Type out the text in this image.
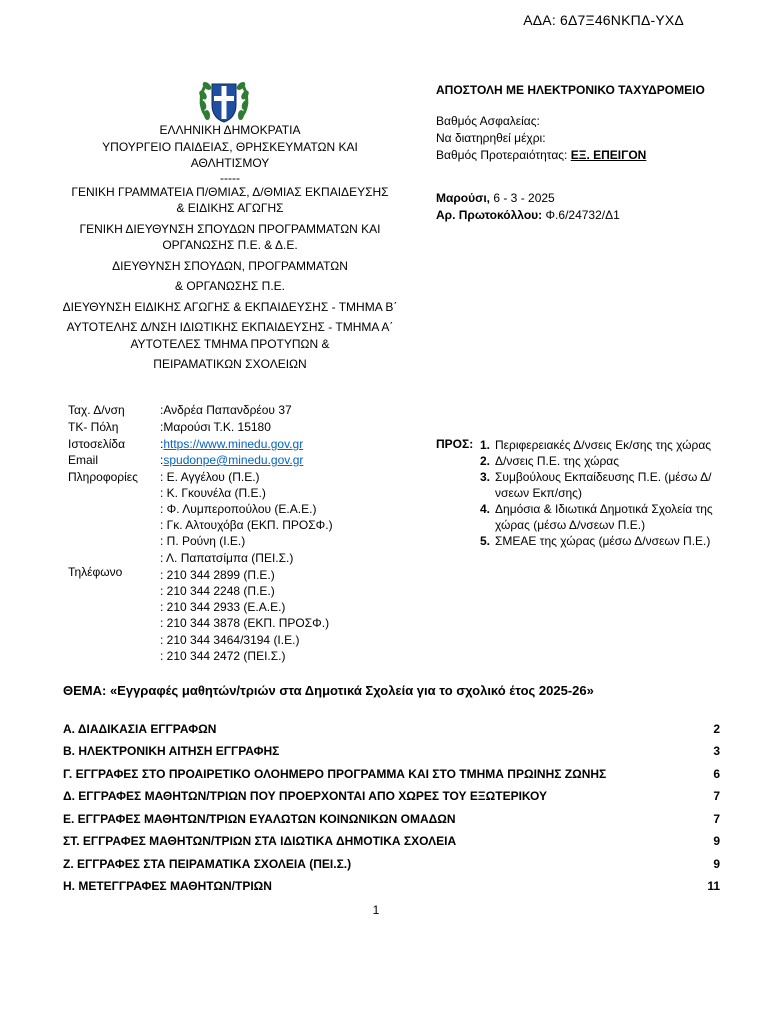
ΑΔΑ: 6Δ7Ξ46ΝΚΠΔ-ΥΧΔ
ΕΛΛΗΝΙΚΗ ΔΗΜΟΚΡΑΤΙΑ
ΥΠΟΥΡΓΕΙΟ ΠΑΙΔΕΙΑΣ, ΘΡΗΣΚΕΥΜΑΤΩΝ ΚΑΙ
ΑΘΛΗΤΙΣΜΟΥ
-----
ΓΕΝΙΚΗ ΓΡΑΜΜΑΤΕΙΑ Π/ΘΜΙΑΣ, Δ/ΘΜΙΑΣ ΕΚΠΑΙΔΕΥΣΗΣ
& ΕΙΔΙΚΗΣ ΑΓΩΓΗΣ
ΓΕΝΙΚΗ ΔΙΕΥΘΥΝΣΗ ΣΠΟΥΔΩΝ ΠΡΟΓΡΑΜΜΑΤΩΝ ΚΑΙ
ΟΡΓΑΝΩΣΗΣ Π.Ε. & Δ.Ε.
ΔΙΕΥΘΥΝΣΗ ΣΠΟΥΔΩΝ, ΠΡΟΓΡΑΜΜΑΤΩΝ
& ΟΡΓΑΝΩΣΗΣ Π.Ε.
ΔΙΕΥΘΥΝΣΗ ΕΙΔΙΚΗΣ ΑΓΩΓΗΣ & ΕΚΠΑΙΔΕΥΣΗΣ - ΤΜΗΜΑ Β΄
ΑΥΤΟΤΕΛΗΣ Δ/ΝΣΗ ΙΔΙΩΤΙΚΗΣ ΕΚΠΑΙΔΕΥΣΗΣ - ΤΜΗΜΑ Α΄
ΑΥΤΟΤΕΛΕΣ ΤΜΗΜΑ ΠΡΟΤΥΠΩΝ &
ΠΕΙΡΑΜΑΤΙΚΩΝ ΣΧΟΛΕΙΩΝ
ΑΠΟΣΤΟΛΗ ΜΕ ΗΛΕΚΤΡΟΝΙΚΟ ΤΑΧΥΔΡΟΜΕΙΟ
Βαθμός Ασφαλείας:
Να διατηρηθεί μέχρι:
Βαθμός Προτεραιότητας: ΕΞ. ΕΠΕΙΓΟΝ
Μαρούσι, 6 - 3 - 2025
Αρ. Πρωτοκόλλου: Φ.6/24732/Δ1
Ταχ. Δ/νση	:Ανδρέα Παπανδρέου 37
ΤΚ- Πόλη	:Μαρούσι Τ.Κ. 15180
Ιστοσελίδα	:https://www.minedu.gov.gr
Email	:spudonpe@minedu.gov.gr
Πληροφορίες : Ε. Αγγέλου (Π.Ε.)
: Κ. Γκουνέλα (Π.Ε.)
: Φ. Λυμπεροπούλου (Ε.Α.Ε.)
: Γκ. Αλτουχόβα (ΕΚΠ. ΠΡΟΣΦ.)
: Π. Ρούνη (Ι.Ε.)
: Λ. Παπατσίμπα (ΠΕΙ.Σ.)
Τηλέφωνο	: 210 344 2899 (Π.Ε.)
: 210 344 2248 (Π.Ε.)
: 210 344 2933 (Ε.Α.Ε.)
: 210 344 3878 (ΕΚΠ. ΠΡΟΣΦ.)
: 210 344 3464/3194 (Ι.Ε.)
: 210 344 2472 (ΠΕΙ.Σ.)
ΠΡΟΣ: 1. Περιφερειακές Δ/νσεις Εκ/σης της χώρας
2. Δ/νσεις Π.Ε. της χώρας
3. Συμβούλους Εκπαίδευσης Π.Ε. (μέσω Δ/νσεων Εκπ/σης)
4. Δημόσια & Ιδιωτικά Δημοτικά Σχολεία της χώρας (μέσω Δ/νσεων Π.Ε.)
5. ΣΜΕΑΕ της χώρας (μέσω Δ/νσεων Π.Ε.)
ΘΕΜΑ: «Εγγραφές μαθητών/τριών στα Δημοτικά Σχολεία για το σχολικό έτος 2025-26»
Α. ΔΙΑΔΙΚΑΣΙΑ ΕΓΓΡΑΦΩΝ	2
Β. ΗΛΕΚΤΡΟΝΙΚΗ ΑΙΤΗΣΗ ΕΓΓΡΑΦΗΣ	3
Γ. ΕΓΓΡΑΦΕΣ ΣΤΟ ΠΡΟΑΙΡΕΤΙΚΟ ΟΛΟΗΜΕΡΟ ΠΡΟΓΡΑΜΜΑ ΚΑΙ ΣΤΟ ΤΜΗΜΑ ΠΡΩΙΝΗΣ ΖΩΝΗΣ	6
Δ. ΕΓΓΡΑΦΕΣ ΜΑΘΗΤΩΝ/ΤΡΙΩΝ ΠΟΥ ΠΡΟΕΡΧΟΝΤΑΙ ΑΠΟ ΧΩΡΕΣ ΤΟΥ ΕΞΩΤΕΡΙΚΟΥ	7
Ε. ΕΓΓΡΑΦΕΣ ΜΑΘΗΤΩΝ/ΤΡΙΩΝ ΕΥΑΛΩΤΩΝ ΚΟΙΝΩΝΙΚΩΝ ΟΜΑΔΩΝ	7
ΣΤ. ΕΓΓΡΑΦΕΣ ΜΑΘΗΤΩΝ/ΤΡΙΩΝ ΣΤΑ ΙΔΙΩΤΙΚΑ ΔΗΜΟΤΙΚΑ ΣΧΟΛΕΙΑ	9
Ζ. ΕΓΓΡΑΦΕΣ ΣΤΑ ΠΕΙΡΑΜΑΤΙΚΑ ΣΧΟΛΕΙΑ (ΠΕΙ.Σ.)	9
Η. ΜΕΤΕΓΓΡΑΦΕΣ ΜΑΘΗΤΩΝ/ΤΡΙΩΝ	11
1
